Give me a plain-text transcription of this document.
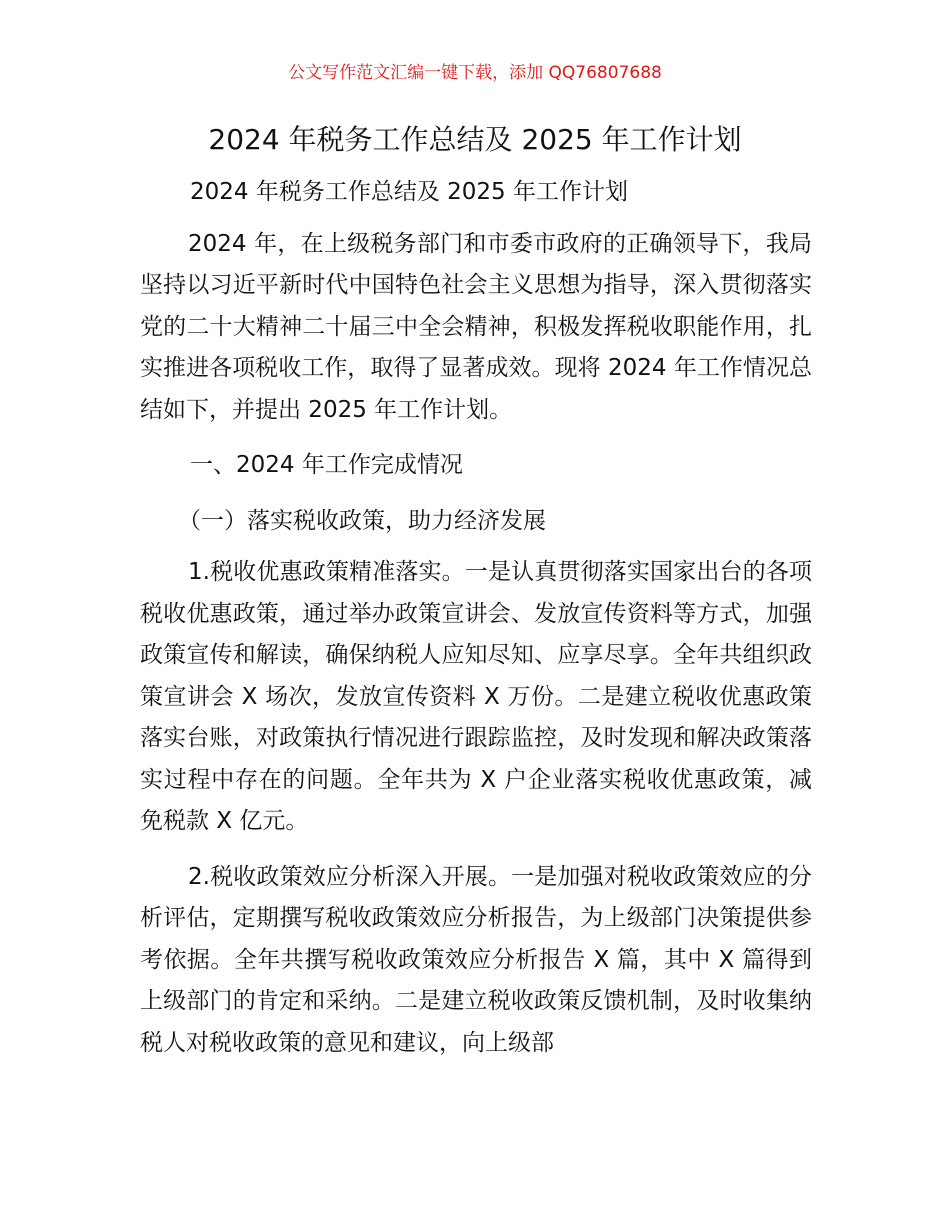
公文写作范文汇编一键下载，添加 QQ76807688
2024 年税务工作总结及 2025 年工作计划

2024 年税务工作总结及 2025 年工作计划

2024 年，在上级税务部门和市委市政府的正确领导下，我局坚持以习近平新时代中国特色社会主义思想为指导，深入贯彻落实党的二十大精神二十届三中全会精神，积极发挥税收职能作用，扎实推进各项税收工作，取得了显著成效。现将 2024 年工作情况总结如下，并提出 2025 年工作计划。

一、2024 年工作完成情况

（一）落实税收政策，助力经济发展

1.税收优惠政策精准落实。一是认真贯彻落实国家出台的各项税收优惠政策，通过举办政策宣讲会、发放宣传资料等方式，加强政策宣传和解读，确保纳税人应知尽知、应享尽享。全年共组织政策宣讲会 X 场次，发放宣传资料 X 万份。二是建立税收优惠政策落实台账，对政策执行情况进行跟踪监控，及时发现和解决政策落实过程中存在的问题。全年共为 X 户企业落实税收优惠政策，减免税款 X 亿元。

2.税收政策效应分析深入开展。一是加强对税收政策效应的分析评估，定期撰写税收政策效应分析报告，为上级部门决策提供参考依据。全年共撰写税收政策效应分析报告 X 篇，其中 X 篇得到上级部门的肯定和采纳。二是建立税收政策反馈机制，及时收集纳税人对税收政策的意见和建议，向上级部
